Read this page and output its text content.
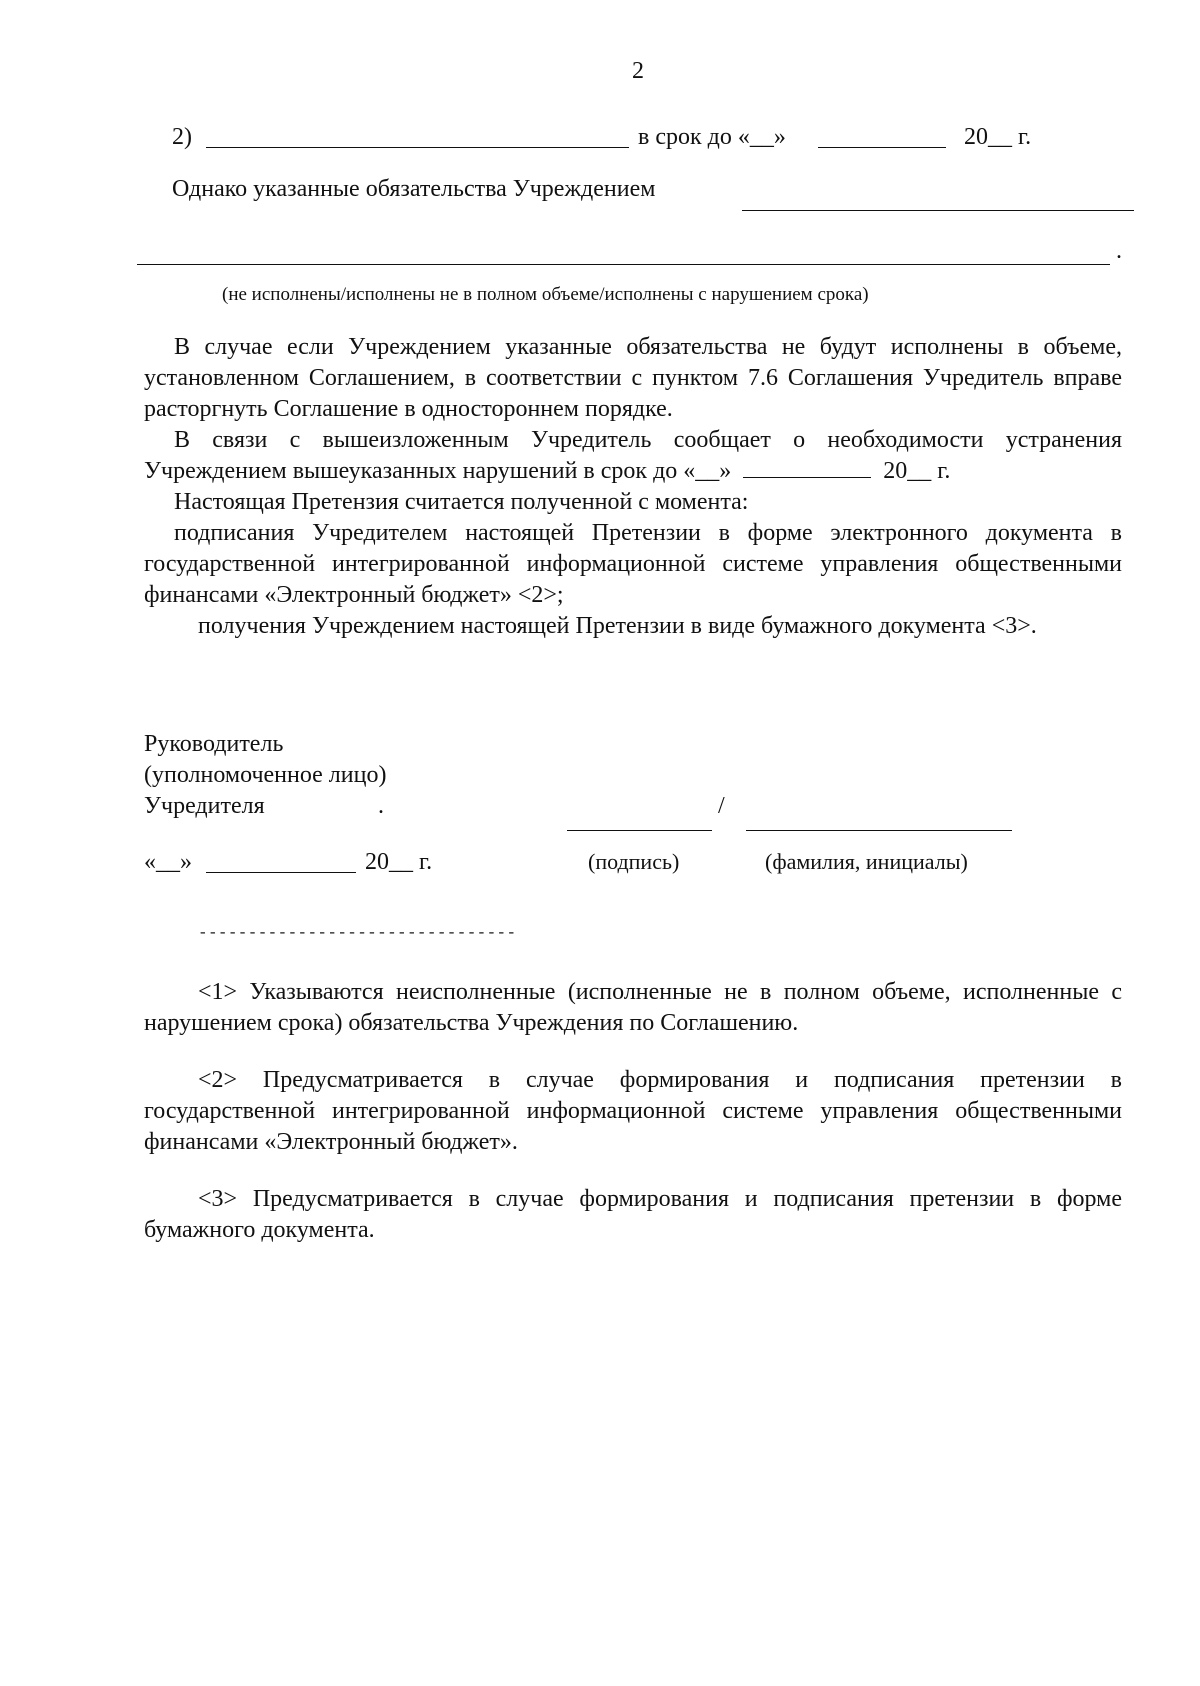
2
2)	в срок до «__»	20__ г.
Однако указанные обязательства Учреждением
.
(не исполнены/исполнены не в полном объеме/исполнены с нарушением срока)

В случае если Учреждением указанные обязательства не будут исполнены в объеме, установленном Соглашением, в соответствии с пунктом 7.6 Соглашения Учредитель вправе расторгнуть Соглашение в одностороннем порядке.

В связи с вышеизложенным Учредитель сообщает о необходимости устранения Учреждением вышеуказанных нарушений в срок до «__»	20__ г.

Настоящая Претензия считается полученной с момента:

подписания Учредителем настоящей Претензии в форме электронного документа в государственной интегрированной информационной системе управления общественными финансами «Электронный бюджет» <2>;

получения Учреждением настоящей Претензии в виде бумажного документа <3>.

Руководитель
(уполномоченное лицо)
Учредителя	.	/
«__»	20__ г.	(подпись)	(фамилия, инициалы)
--------------------------------

<1> Указываются неисполненные (исполненные не в полном объеме, исполненные с нарушением срока) обязательства Учреждения по Соглашению.

<2> Предусматривается в случае формирования и подписания претензии в государственной интегрированной информационной системе управления общественными финансами «Электронный бюджет».

<3> Предусматривается в случае формирования и подписания претензии в форме бумажного документа.
